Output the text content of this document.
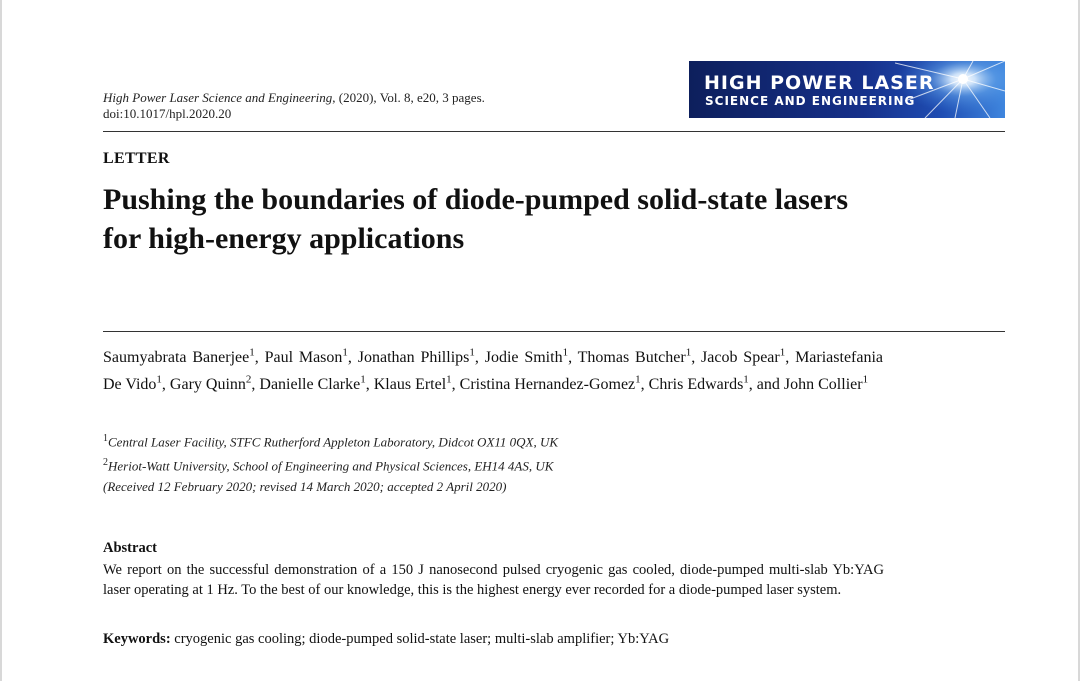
High Power Laser Science and Engineering, (2020), Vol. 8, e20, 3 pages.
doi:10.1017/hpl.2020.20
HIGH POWER LASER
SCIENCE AND ENGINEERING
LETTER
Pushing the boundaries of diode-pumped solid-state lasers for high-energy applications
Saumyabrata Banerjee$^1$, Paul Mason$^1$, Jonathan Phillips$^1$, Jodie Smith$^1$, Thomas Butcher$^1$, Jacob Spear$^1$, Mariastefania De Vido$^1$, Gary Quinn$^2$, Danielle Clarke$^1$, Klaus Ertel$^1$, Cristina Hernandez-Gomez$^1$, Chris Edwards$^1$, and John Collier$^1$
$^1$Central Laser Facility, STFC Rutherford Appleton Laboratory, Didcot OX11 0QX, UK
$^2$Heriot-Watt University, School of Engineering and Physical Sciences, EH14 4AS, UK
(Received 12 February 2020; revised 14 March 2020; accepted 2 April 2020)
Abstract

We report on the successful demonstration of a 150 J nanosecond pulsed cryogenic gas cooled, diode-pumped multi-slab Yb:YAG laser operating at 1 Hz. To the best of our knowledge, this is the highest energy ever recorded for a diode-pumped laser system.

Keywords: cryogenic gas cooling; diode-pumped solid-state laser; multi-slab amplifier; Yb:YAG
